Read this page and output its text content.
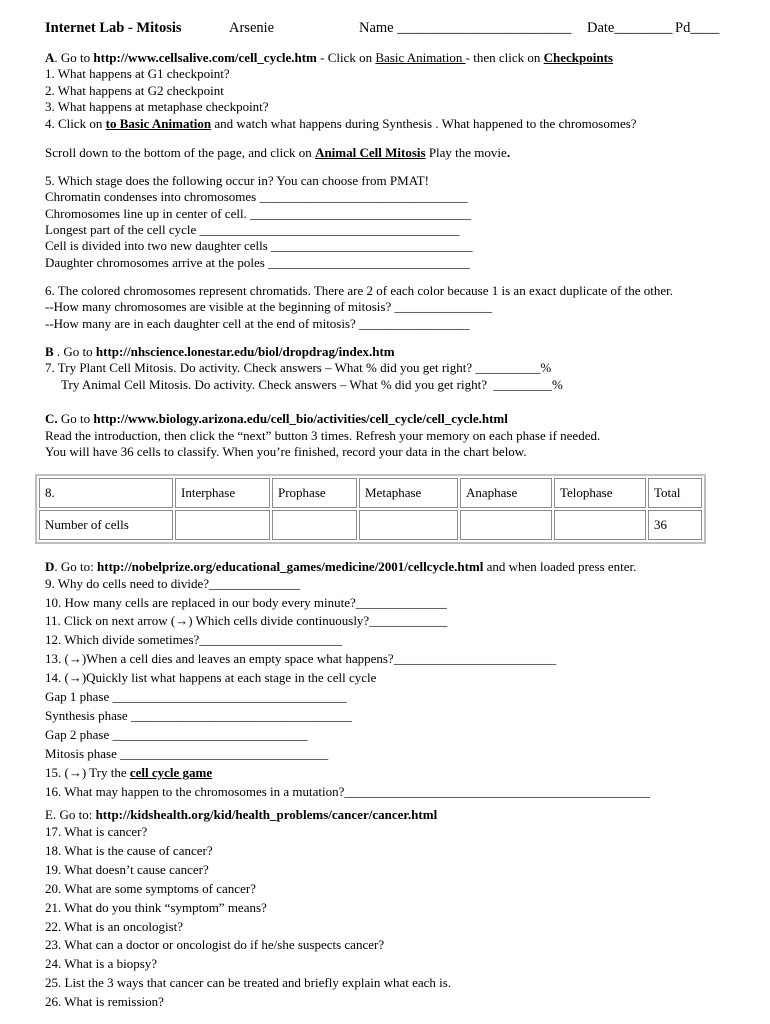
Internet Lab - Mitosis	Arsenie	Name ________________________ Date________ Pd____
A. Go to http://www.cellsalive.com/cell_cycle.htm - Click on Basic Animation - then click on Checkpoints
1. What happens at G1 checkpoint?
2. What happens at G2 checkpoint
3. What happens at metaphase checkpoint?
4. Click on to Basic Animation and watch what happens during Synthesis . What happened to the chromosomes?
Scroll down to the bottom of the page, and click on Animal Cell Mitosis Play the movie.
5. Which stage does the following occur in? You can choose from PMAT!
Chromatin condenses into chromosomes ________________________________
Chromosomes line up in center of cell. __________________________________
Longest part of the cell cycle ________________________________________
Cell is divided into two new daughter cells _______________________________
Daughter chromosomes arrive at the poles _______________________________
6. The colored chromosomes represent chromatids. There are 2 of each color because 1 is an exact duplicate of the other.
--How many chromosomes are visible at the beginning of mitosis? _______________
--How many are in each daughter cell at the end of mitosis? _________________
B . Go to http://nhscience.lonestar.edu/biol/dropdrag/index.htm
7. Try Plant Cell Mitosis. Do activity. Check answers – What % did you get right? __________%
Try Animal Cell Mitosis. Do activity. Check answers – What % did you get right?  _________%
C. Go to http://www.biology.arizona.edu/cell_bio/activities/cell_cycle/cell_cycle.html
Read the introduction, then click the “next” button 3 times. Refresh your memory on each phase if needed.
You will have 36 cells to classify. When you’re finished, record your data in the chart below.
8.	Interphase	Prophase	Metaphase	Anaphase	Telophase	Total
Number of cells						36
D. Go to: http://nobelprize.org/educational_games/medicine/2001/cellcycle.html and when loaded press enter.
9. Why do cells need to divide?______________
10. How many cells are replaced in our body every minute?______________
11. Click on next arrow (→) Which cells divide continuously?____________
12. Which divide sometimes?______________________
13. (→)When a cell dies and leaves an empty space what happens?_________________________
14. (→)Quickly list what happens at each stage in the cell cycle
Gap 1 phase ____________________________________
Synthesis phase __________________________________
Gap 2 phase ______________________________
Mitosis phase ________________________________
15. (→) Try the cell cycle game
16. What may happen to the chromosomes in a mutation?_______________________________________________
E. Go to: http://kidshealth.org/kid/health_problems/cancer/cancer.html
17. What is cancer?
18. What is the cause of cancer?
19. What doesn’t cause cancer?
20. What are some symptoms of cancer?
21. What do you think “symptom” means?
22. What is an oncologist?
23. What can a doctor or oncologist do if he/she suspects cancer?
24. What is a biopsy?
25. List the 3 ways that cancer can be treated and briefly explain what each is.
26. What is remission?
